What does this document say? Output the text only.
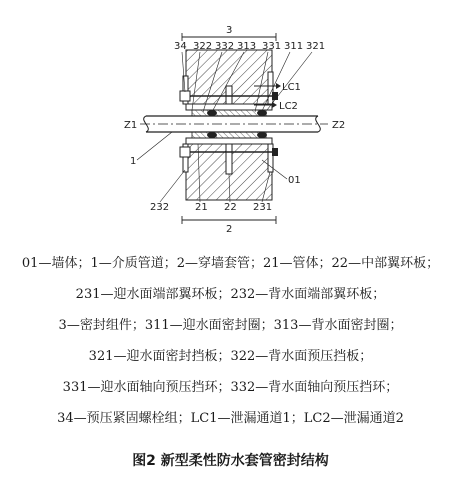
3
34 322 332 313 331 311 321
LC1
LC2
Z1	Z2
1
01
232	21 22 231
2
01—墙体；1—介质管道；2—穿墙套管；21—管体；22—中部翼环板；
231—迎水面端部翼环板；232—背水面端部翼环板；
3—密封组件；311—迎水面密封圈；313—背水面密封圈；
321—迎水面密封挡板；322—背水面预压挡板；
331—迎水面轴向预压挡环；332—背水面轴向预压挡环；
34—预压紧固螺栓组；LC1—泄漏通道1；LC2—泄漏通道2
图2 新型柔性防水套管密封结构
